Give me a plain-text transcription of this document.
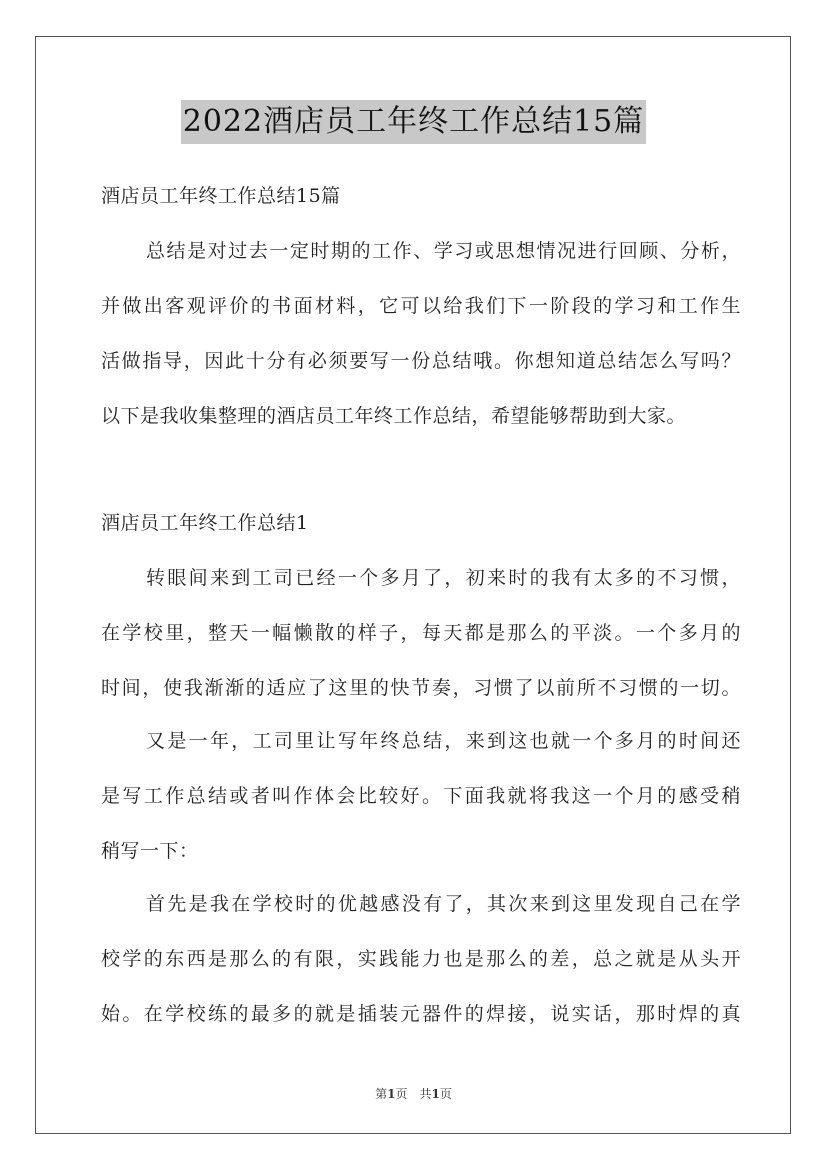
2022酒店员工年终工作总结15篇
酒店员工年终工作总结15篇
总结是对过去一定时期的工作、学习或思想情况进行回顾、分析，
并做出客观评价的书面材料，它可以给我们下一阶段的学习和工作生
活做指导，因此十分有必须要写一份总结哦。你想知道总结怎么写吗？
以下是我收集整理的酒店员工年终工作总结，希望能够帮助到大家。
酒店员工年终工作总结1
转眼间来到工司已经一个多月了，初来时的我有太多的不习惯，
在学校里，整天一幅懒散的样子，每天都是那么的平淡。一个多月的
时间，使我渐渐的适应了这里的快节奏，习惯了以前所不习惯的一切。
又是一年，工司里让写年终总结，来到这也就一个多月的时间还
是写工作总结或者叫作体会比较好。下面我就将我这一个月的感受稍
稍写一下：
首先是我在学校时的优越感没有了，其次来到这里发现自己在学
校学的东西是那么的有限，实践能力也是那么的差，总之就是从头开
始。在学校练的最多的就是插装元器件的焊接，说实话，那时焊的真
第1页　共1页
